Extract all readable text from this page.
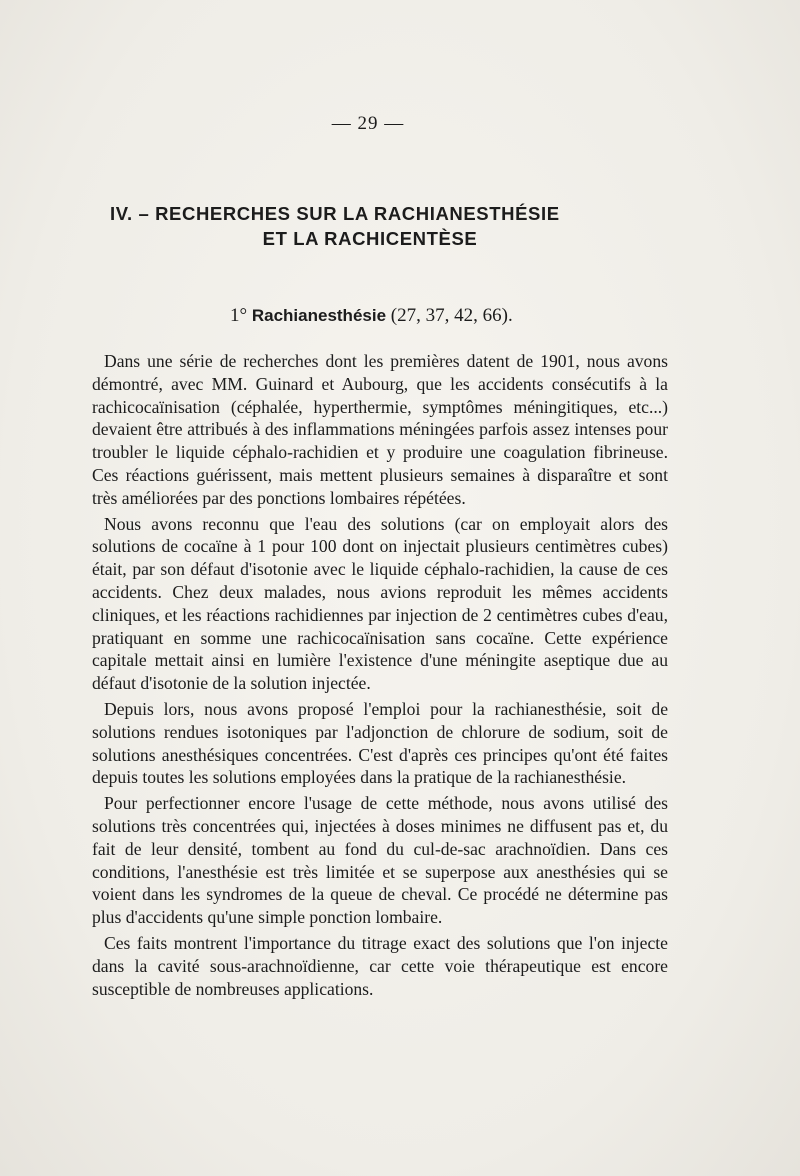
— 29 —
IV. – RECHERCHES SUR LA RACHIANESTHÉSIE
ET LA RACHICENTÈSE
1° Rachianesthésie (27, 37, 42, 66).

Dans une série de recherches dont les premières datent de 1901, nous avons démontré, avec MM. Guinard et Aubourg, que les accidents consécutifs à la rachicocaïnisation (céphalée, hyperthermie, symptômes méningitiques, etc...) devaient être attribués à des inflammations méningées parfois assez intenses pour troubler le liquide céphalo-rachidien et y produire une coagulation fibrineuse. Ces réactions guérissent, mais mettent plusieurs semaines à disparaître et sont très améliorées par des ponctions lombaires répétées.

Nous avons reconnu que l'eau des solutions (car on employait alors des solutions de cocaïne à 1 pour 100 dont on injectait plusieurs centimètres cubes) était, par son défaut d'isotonie avec le liquide céphalo-rachidien, la cause de ces accidents. Chez deux malades, nous avions reproduit les mêmes accidents cliniques, et les réactions rachidiennes par injection de 2 centimètres cubes d'eau, pratiquant en somme une rachicocaïnisation sans cocaïne. Cette expérience capitale mettait ainsi en lumière l'existence d'une méningite aseptique due au défaut d'isotonie de la solution injectée.

Depuis lors, nous avons proposé l'emploi pour la rachianesthésie, soit de solutions rendues isotoniques par l'adjonction de chlorure de sodium, soit de solutions anesthésiques concentrées. C'est d'après ces principes qu'ont été faites depuis toutes les solutions employées dans la pratique de la rachianesthésie.

Pour perfectionner encore l'usage de cette méthode, nous avons utilisé des solutions très concentrées qui, injectées à doses minimes ne diffusent pas et, du fait de leur densité, tombent au fond du cul-de-sac arachnoïdien. Dans ces conditions, l'anesthésie est très limitée et se superpose aux anesthésies qui se voient dans les syndromes de la queue de cheval. Ce procédé ne détermine pas plus d'accidents qu'une simple ponction lombaire.

Ces faits montrent l'importance du titrage exact des solutions que l'on injecte dans la cavité sous-arachnoïdienne, car cette voie thérapeutique est encore susceptible de nombreuses applications.
